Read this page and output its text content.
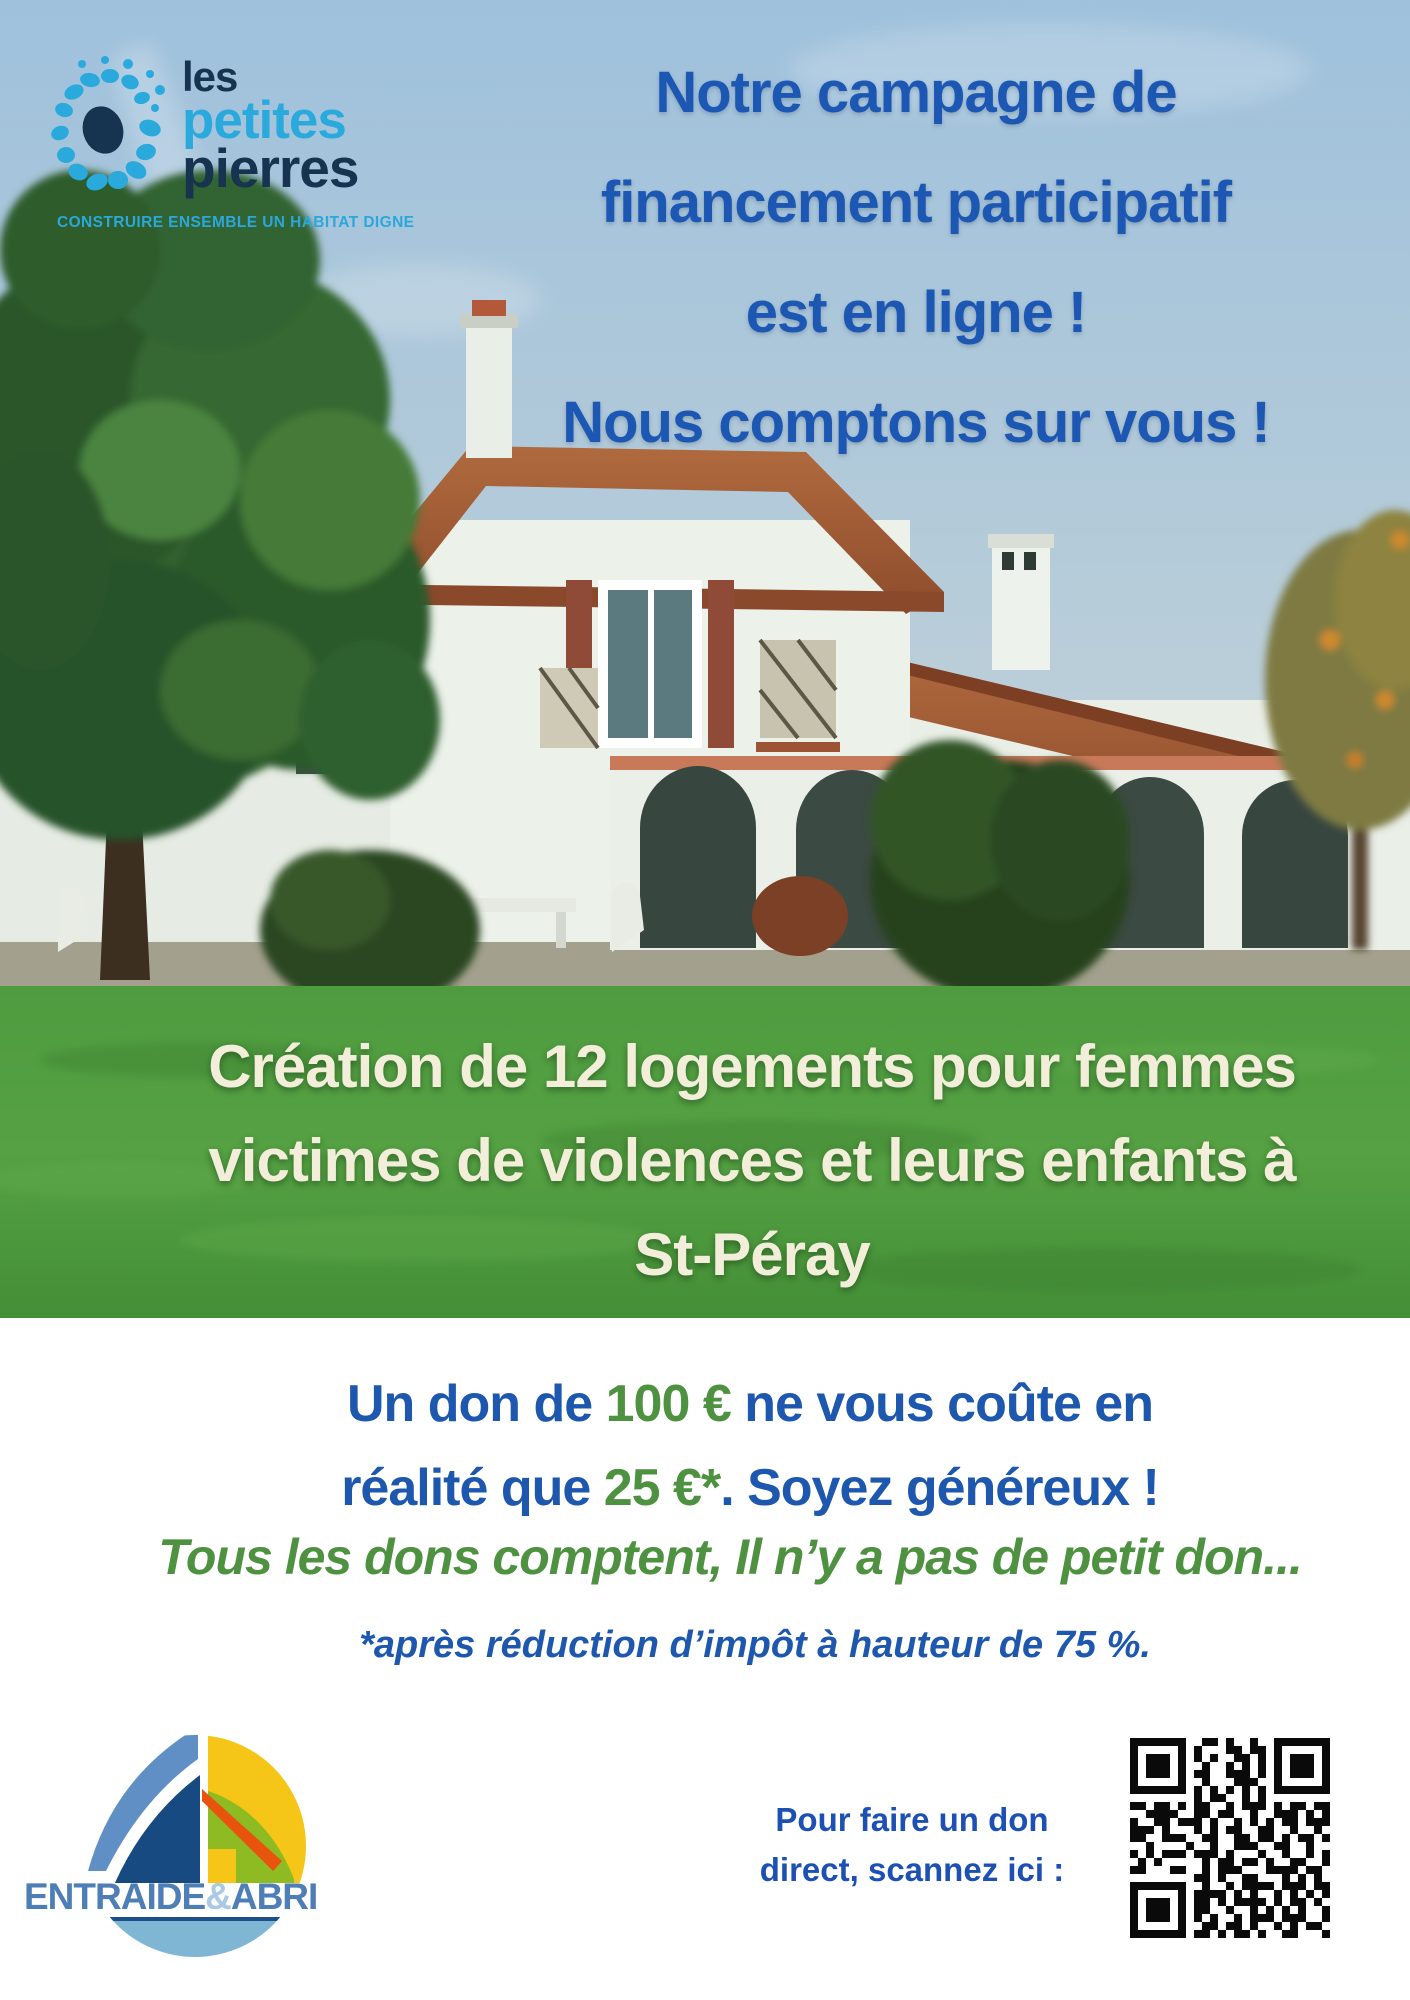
les
petites
pierres
CONSTRUIRE ENSEMBLE UN HABITAT DIGNE
Notre campagne de
financement participatif
est en ligne !
Nous comptons sur vous !
Création de 12 logements pour femmes
victimes de violences et leurs enfants à
St-Péray
Un don de 100 € ne vous coûte en
réalité que 25 €*. Soyez généreux !
Tous les dons comptent, Il n’y a pas de petit don...
*après réduction d’impôt à hauteur de 75 %.
ENTRAIDE&ABRI
Pour faire un don
direct, scannez ici :
